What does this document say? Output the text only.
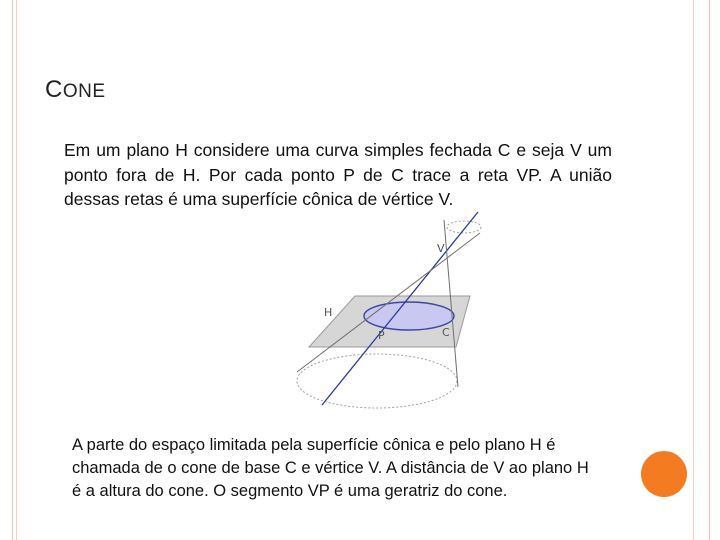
CONE
Em um plano H considere uma curva simples fechada C e seja V um ponto fora de H. Por cada ponto P de C trace a reta VP. A união dessas retas é uma superfície cônica de vértice V.
V
H
C
P
A parte do espaço limitada pela superfície cônica e pelo plano H é chamada de o cone de base C e vértice V. A distância de V ao plano H é a altura do cone. O segmento VP é uma geratriz do cone.
